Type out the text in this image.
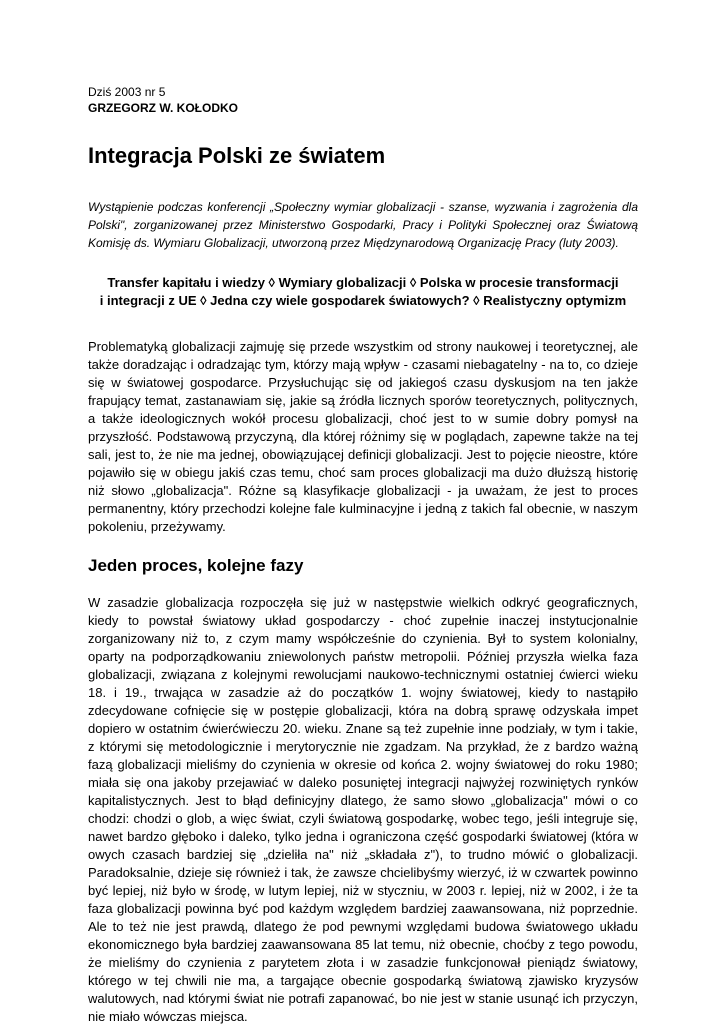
Dziś 2003 nr 5

GRZEGORZ W. KOŁODKO

Integracja Polski ze światem

Wystąpienie podczas konferencji „Społeczny wymiar globalizacji - szanse, wyzwania i zagrożenia dla Polski", zorganizowanej przez Ministerstwo Gospodarki, Pracy i Polityki Społecznej oraz Światową Komisję ds. Wymiaru Globalizacji, utworzoną przez Międzynarodową Organizację Pracy (luty 2003).

Transfer kapitału i wiedzy ◊ Wymiary globalizacji ◊ Polska w procesie transformacji
i integracji z UE ◊ Jedna czy wiele gospodarek światowych? ◊ Realistyczny optymizm

Problematyką globalizacji zajmuję się przede wszystkim od strony naukowej i teoretycznej, ale także doradzając i odradzając tym, którzy mają wpływ - czasami niebagatelny - na to, co dzieje się w światowej gospodarce. Przysłuchując się od jakiegoś czasu dyskusjom na ten jakże frapujący temat, zastanawiam się, jakie są źródła licznych sporów teoretycznych, politycznych, a także ideologicznych wokół procesu globalizacji, choć jest to w sumie dobry pomysł na przyszłość. Podstawową przyczyną, dla której różnimy się w poglądach, zapewne także na tej sali, jest to, że nie ma jednej, obowiązującej definicji globalizacji. Jest to pojęcie nieostre, które pojawiło się w obiegu jakiś czas temu, choć sam proces globalizacji ma dużo dłuższą historię niż słowo „globalizacja". Różne są klasyfikacje globalizacji - ja uważam, że jest to proces permanentny, który przechodzi kolejne fale kulminacyjne i jedną z takich fal obecnie, w naszym pokoleniu, przeżywamy.

Jeden proces, kolejne fazy

W zasadzie globalizacja rozpoczęła się już w następstwie wielkich odkryć geograficznych, kiedy to powstał światowy układ gospodarczy - choć zupełnie inaczej instytucjonalnie zorganizowany niż to, z czym mamy współcześnie do czynienia. Był to system kolonialny, oparty na podporządkowaniu zniewolonych państw metropolii. Później przyszła wielka faza globalizacji, związana z kolejnymi rewolucjami naukowo-technicznymi ostatniej ćwierci wieku 18. i 19., trwająca w zasadzie aż do początków 1. wojny światowej, kiedy to nastąpiło zdecydowane cofnięcie się w postępie globalizacji, która na dobrą sprawę odzyskała impet dopiero w ostatnim ćwierćwieczu 20. wieku. Znane są też zupełnie inne podziały, w tym i takie, z którymi się metodologicznie i merytorycznie nie zgadzam. Na przykład, że z bardzo ważną fazą globalizacji mieliśmy do czynienia w okresie od końca 2. wojny światowej do roku 1980; miała się ona jakoby przejawiać w daleko posuniętej integracji najwyżej rozwiniętych rynków kapitalistycznych. Jest to błąd definicyjny dlatego, że samo słowo „globalizacja" mówi o co chodzi: chodzi o glob, a więc świat, czyli światową gospodarkę, wobec tego, jeśli integruje się, nawet bardzo głęboko i daleko, tylko jedna i ograniczona część gospodarki światowej (która w owych czasach bardziej się „dzieliła na" niż „składała z"), to trudno mówić o globalizacji. Paradoksalnie, dzieje się również i tak, że zawsze chcielibyśmy wierzyć, iż w czwartek powinno być lepiej, niż było w środę, w lutym lepiej, niż w styczniu, w 2003 r. lepiej, niż w 2002, i że ta faza globalizacji powinna być pod każdym względem bardziej zaawansowana, niż poprzednie. Ale to też nie jest prawdą, dlatego że pod pewnymi względami budowa światowego układu ekonomicznego była bardziej zaawansowana 85 lat temu, niż obecnie, choćby z tego powodu, że mieliśmy do czynienia z parytetem złota i w zasadzie funkcjonował pieniądz światowy, którego w tej chwili nie ma, a targające obecnie gospodarką światową zjawisko kryzysów walutowych, nad którymi świat nie potrafi zapanować, bo nie jest w stanie usunąć ich przyczyn, nie miało wówczas miejsca.
